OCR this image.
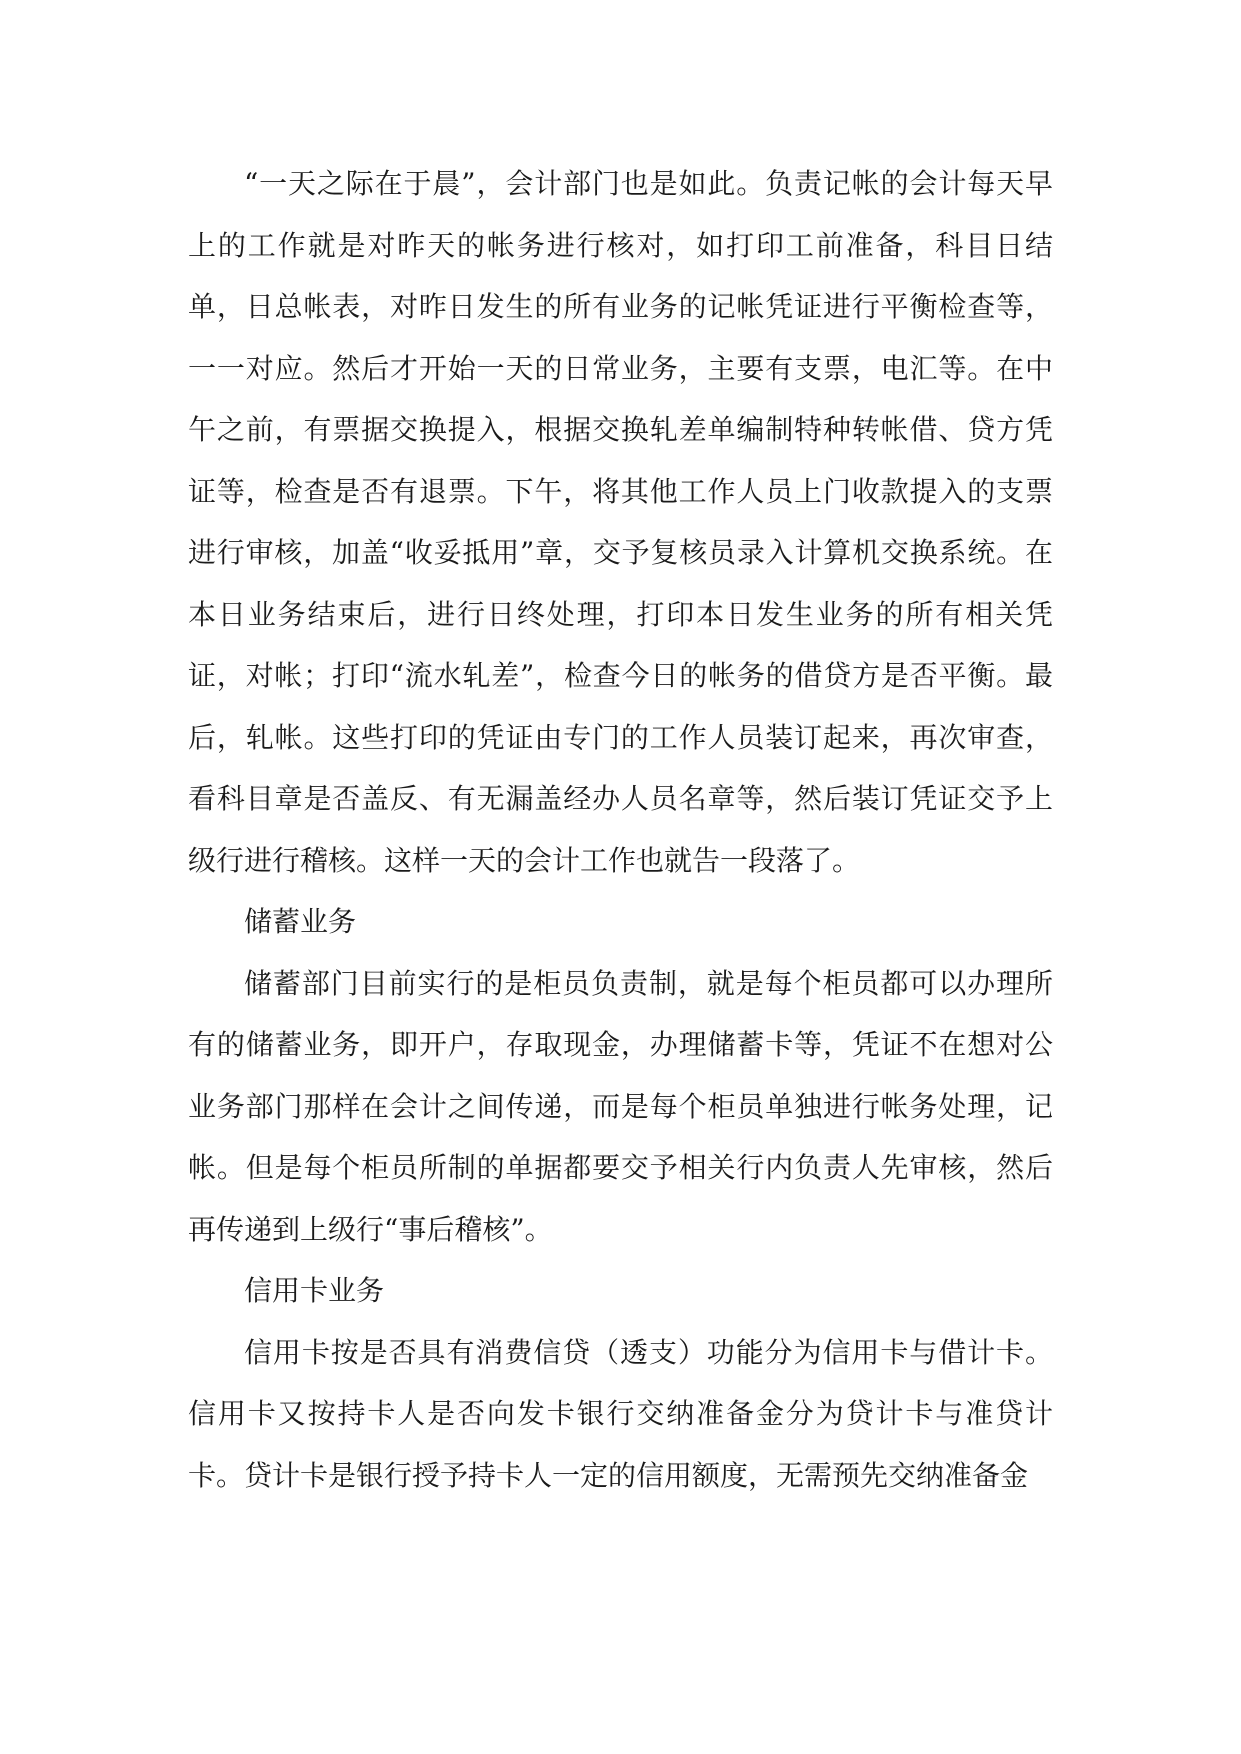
“一天之际在于晨”，会计部门也是如此。负责记帐的会计每天早上的工作就是对昨天的帐务进行核对，如打印工前准备，科目日结单，日总帐表，对昨日发生的所有业务的记帐凭证进行平衡检查等，一一对应。然后才开始一天的日常业务，主要有支票，电汇等。在中午之前，有票据交换提入，根据交换轧差单编制特种转帐借、贷方凭证等，检查是否有退票。下午，将其他工作人员上门收款提入的支票进行审核，加盖“收妥抵用”章，交予复核员录入计算机交换系统。在本日业务结束后，进行日终处理，打印本日发生业务的所有相关凭证，对帐；打印“流水轧差”，检查今日的帐务的借贷方是否平衡。最后，轧帐。这些打印的凭证由专门的工作人员装订起来，再次审查，看科目章是否盖反、有无漏盖经办人员名章等，然后装订凭证交予上级行进行稽核。这样一天的会计工作也就告一段落了。

储蓄业务

储蓄部门目前实行的是柜员负责制，就是每个柜员都可以办理所有的储蓄业务，即开户，存取现金，办理储蓄卡等，凭证不在想对公业务部门那样在会计之间传递，而是每个柜员单独进行帐务处理，记帐。但是每个柜员所制的单据都要交予相关行内负责人先审核，然后再传递到上级行“事后稽核”。

信用卡业务

信用卡按是否具有消费信贷（透支）功能分为信用卡与借计卡。信用卡又按持卡人是否向发卡银行交纳准备金分为贷计卡与准贷计卡。贷计卡是银行授予持卡人一定的信用额度，无需预先交纳准备金
